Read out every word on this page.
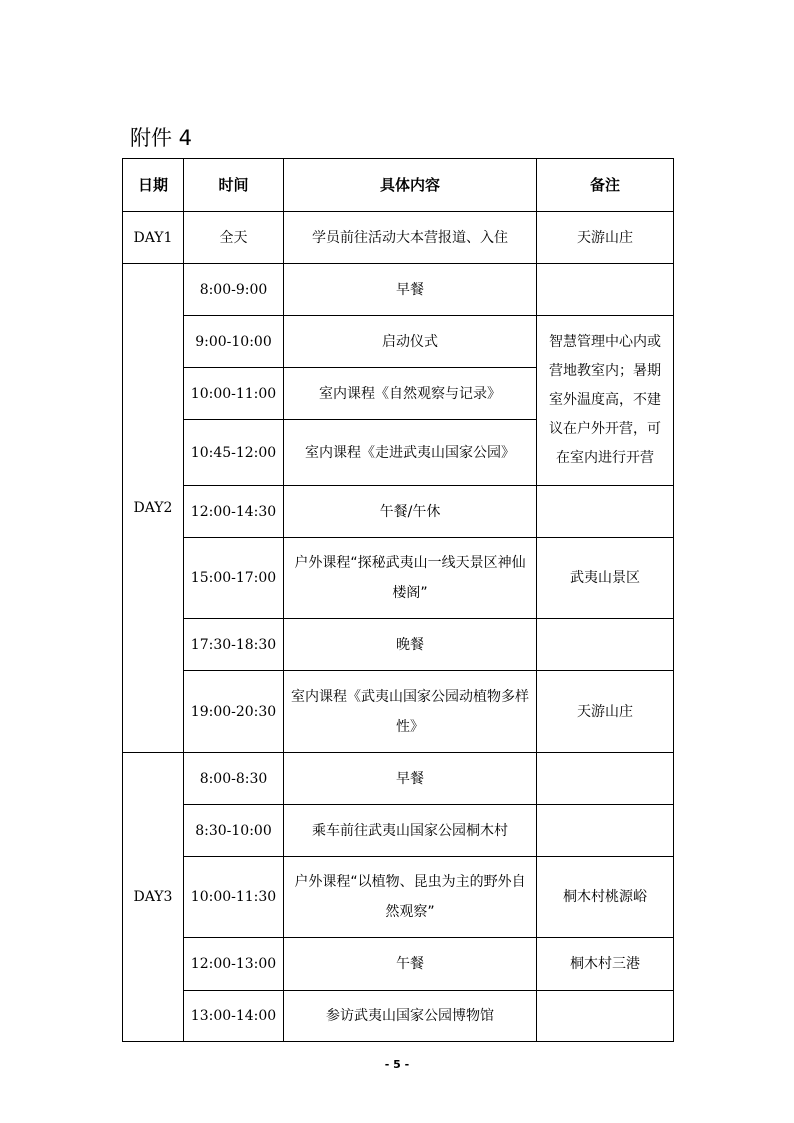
附件 4
日期	时间	具体内容	备注
DAY1	全天	学员前往活动大本营报道、入住	天游山庄
DAY2	8:00-9:00	早餐	
	9:00-10:00	启动仪式	智慧管理中心内或营地教室内；暑期室外温度高，不建议在户外开营，可在室内进行开营
	10:00-11:00	室内课程《自然观察与记录》	
	10:45-12:00	室内课程《走进武夷山国家公园》	
	12:00-14:30	午餐/午休	
	15:00-17:00	户外课程“探秘武夷山一线天景区神仙楼阁”	武夷山景区
	17:30-18:30	晚餐	
	19:00-20:30	室内课程《武夷山国家公园动植物多样性》	天游山庄
DAY3	8:00-8:30	早餐	
	8:30-10:00	乘车前往武夷山国家公园桐木村	
	10:00-11:30	户外课程“以植物、昆虫为主的野外自然观察”	桐木村桃源峪
	12:00-13:00	午餐	桐木村三港
	13:00-14:00	参访武夷山国家公园博物馆	
- 5 -
